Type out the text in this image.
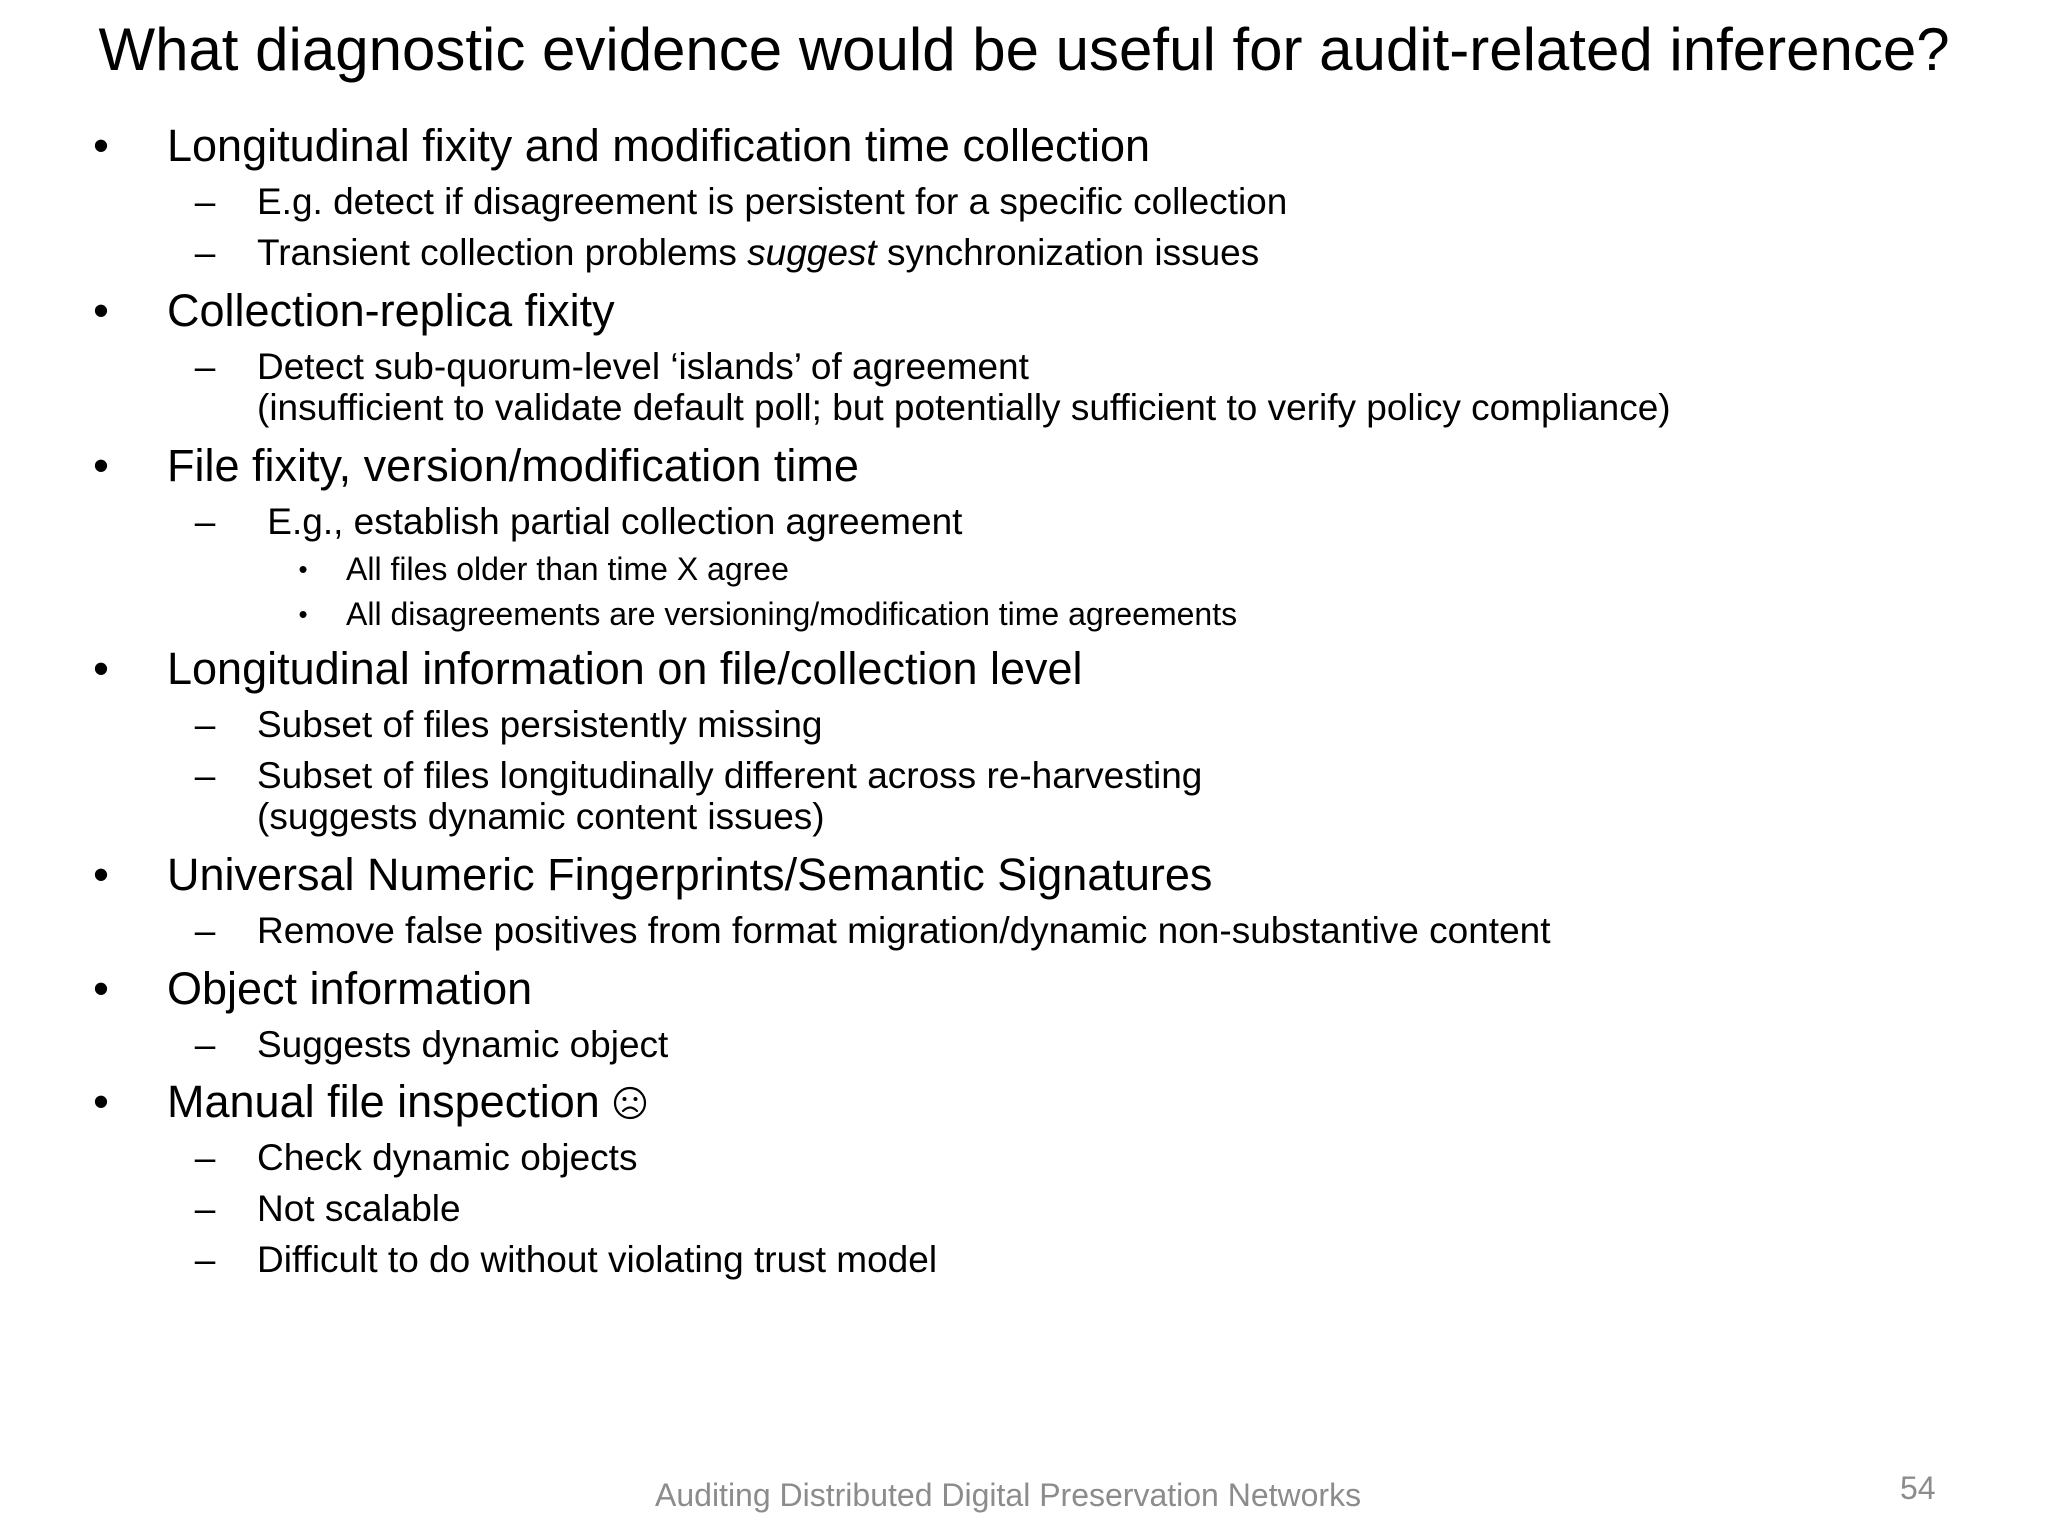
What diagnostic evidence would be useful for audit-related inference?
• Longitudinal fixity and modification time collection
– E.g. detect if disagreement is persistent for a specific collection
– Transient collection problems suggest synchronization issues
• Collection-replica fixity
– Detect sub-quorum-level ‘islands’ of agreement
(insufficient to validate default poll; but potentially sufficient to verify policy compliance)
• File fixity, version/modification time
– E.g., establish partial collection agreement
• All files older than time X agree
• All disagreements are versioning/modification time agreements
• Longitudinal information on file/collection level
– Subset of files persistently missing
– Subset of files longitudinally different across re-harvesting
(suggests dynamic content issues)
• Universal Numeric Fingerprints/Semantic Signatures
– Remove false positives from format migration/dynamic non-substantive content
• Object information
– Suggests dynamic object
• Manual file inspection
– Check dynamic objects
– Not scalable
– Difficult to do without violating trust model
Auditing Distributed Digital Preservation Networks	54
